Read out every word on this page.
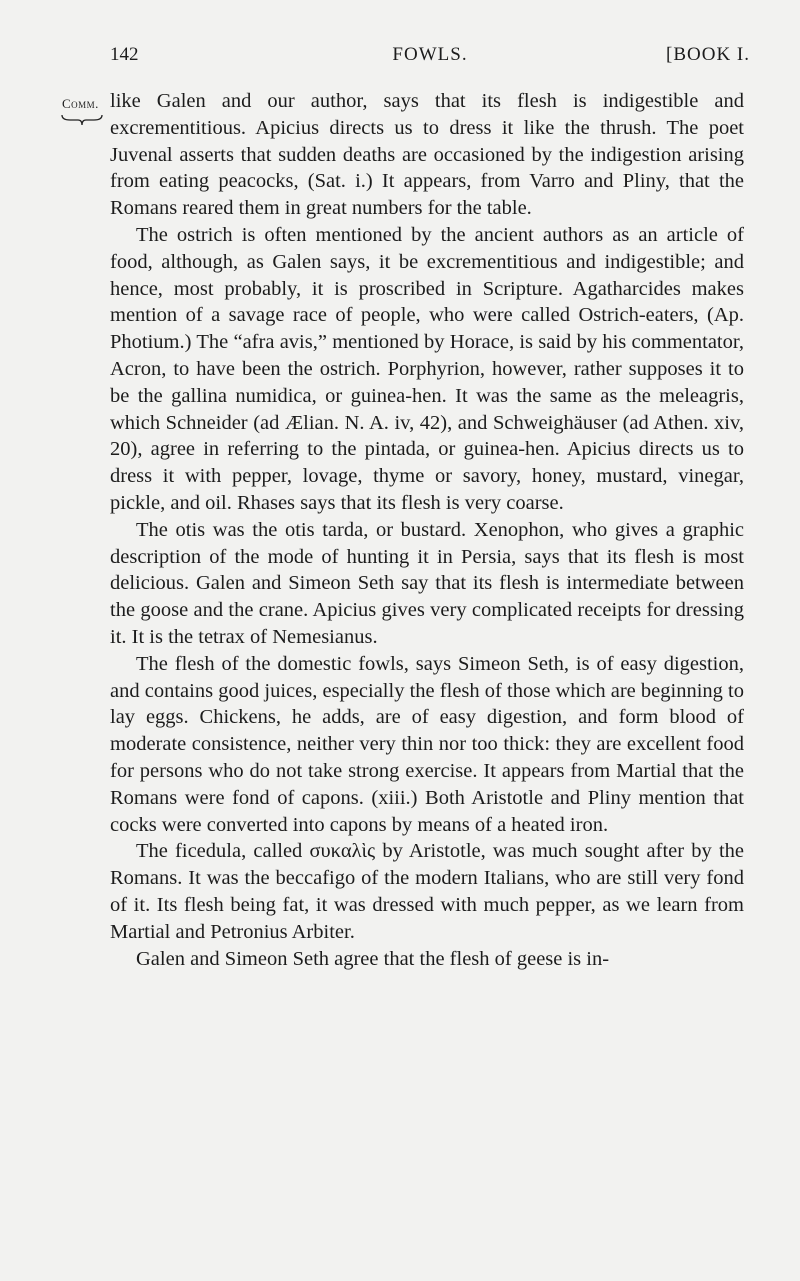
142	FOWLS.	[BOOK I.
Comm. like Galen and our author, says that its flesh is indigestible and excrementitious. Apicius directs us to dress it like the thrush. The poet Juvenal asserts that sudden deaths are occasioned by the indigestion arising from eating peacocks, (Sat. i.) It appears, from Varro and Pliny, that the Romans reared them in great numbers for the table.

The ostrich is often mentioned by the ancient authors as an article of food, although, as Galen says, it be excrementitious and indigestible; and hence, most probably, it is proscribed in Scripture. Agatharcides makes mention of a savage race of people, who were called Ostrich-eaters, (Ap. Photium.) The “afra avis,” mentioned by Horace, is said by his commentator, Acron, to have been the ostrich. Porphyrion, however, rather supposes it to be the gallina numidica, or guinea-hen. It was the same as the meleagris, which Schneider (ad Ælian. N. A. iv, 42), and Schweighäuser (ad Athen. xiv, 20), agree in referring to the pintada, or guinea-hen. Apicius directs us to dress it with pepper, lovage, thyme or savory, honey, mustard, vinegar, pickle, and oil. Rhases says that its flesh is very coarse.

The otis was the otis tarda, or bustard. Xenophon, who gives a graphic description of the mode of hunting it in Persia, says that its flesh is most delicious. Galen and Simeon Seth say that its flesh is intermediate between the goose and the crane. Apicius gives very complicated receipts for dressing it. It is the tetrax of Nemesianus.

The flesh of the domestic fowls, says Simeon Seth, is of easy digestion, and contains good juices, especially the flesh of those which are beginning to lay eggs. Chickens, he adds, are of easy digestion, and form blood of moderate consistence, neither very thin nor too thick: they are excellent food for persons who do not take strong exercise. It appears from Martial that the Romans were fond of capons. (xiii.) Both Aristotle and Pliny mention that cocks were converted into capons by means of a heated iron.

The ficedula, called συκαλὶς by Aristotle, was much sought after by the Romans. It was the beccafigo of the modern Italians, who are still very fond of it. Its flesh being fat, it was dressed with much pepper, as we learn from Martial and Petronius Arbiter.

Galen and Simeon Seth agree that the flesh of geese is in-
